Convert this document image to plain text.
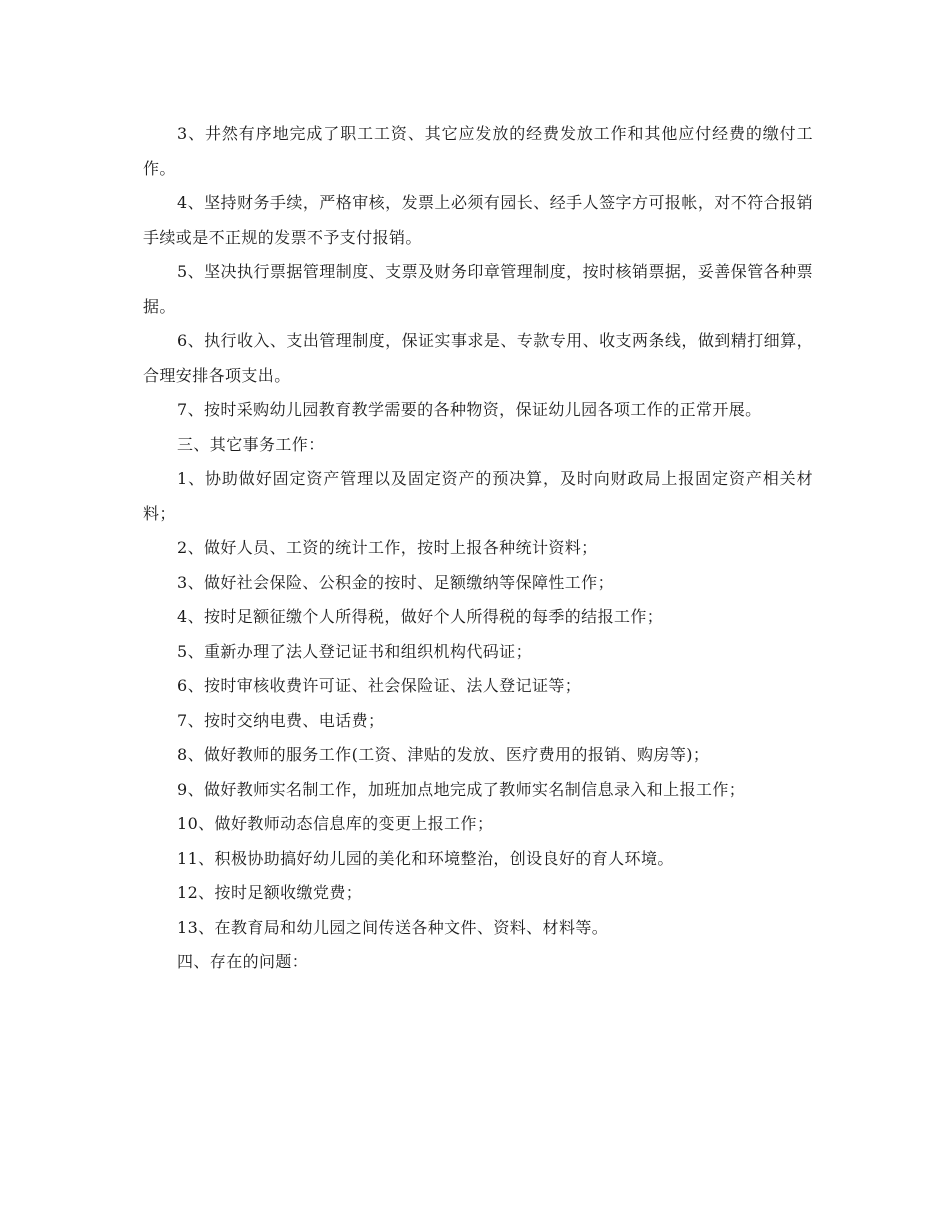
3、井然有序地完成了职工工资、其它应发放的经费发放工作和其他应付经费的缴付工作。

4、坚持财务手续，严格审核，发票上必须有园长、经手人签字方可报帐，对不符合报销手续或是不正规的发票不予支付报销。

5、坚决执行票据管理制度、支票及财务印章管理制度，按时核销票据，妥善保管各种票据。

6、执行收入、支出管理制度，保证实事求是、专款专用、收支两条线，做到精打细算，合理安排各项支出。

7、按时采购幼儿园教育教学需要的各种物资，保证幼儿园各项工作的正常开展。

三、其它事务工作：

1、协助做好固定资产管理以及固定资产的预决算，及时向财政局上报固定资产相关材料；

2、做好人员、工资的统计工作，按时上报各种统计资料；

3、做好社会保险、公积金的按时、足额缴纳等保障性工作；

4、按时足额征缴个人所得税，做好个人所得税的每季的结报工作；

5、重新办理了法人登记证书和组织机构代码证；

6、按时审核收费许可证、社会保险证、法人登记证等；

7、按时交纳电费、电话费；

8、做好教师的服务工作(工资、津贴的发放、医疗费用的报销、购房等)；

9、做好教师实名制工作，加班加点地完成了教师实名制信息录入和上报工作；

10、做好教师动态信息库的变更上报工作；

11、积极协助搞好幼儿园的美化和环境整治，创设良好的育人环境。

12、按时足额收缴党费；

13、在教育局和幼儿园之间传送各种文件、资料、材料等。

四、存在的问题：
